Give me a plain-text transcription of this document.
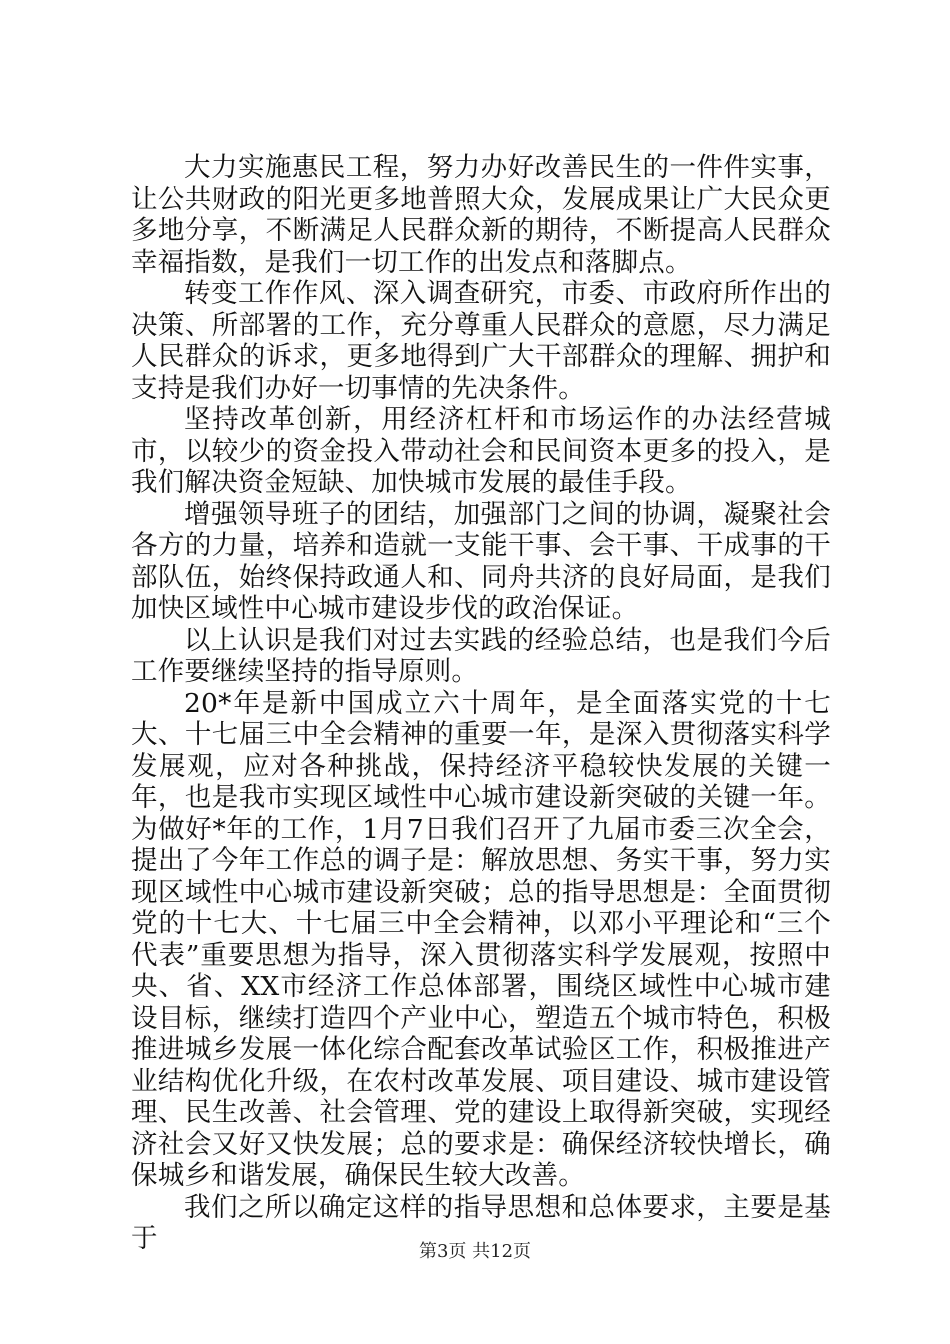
大力实施惠民工程，努力办好改善民生的一件件实事，让公共财政的阳光更多地普照大众，发展成果让广大民众更多地分享，不断满足人民群众新的期待，不断提高人民群众幸福指数，是我们一切工作的出发点和落脚点。

转变工作作风、深入调查研究，市委、市政府所作出的决策、所部署的工作，充分尊重人民群众的意愿，尽力满足人民群众的诉求，更多地得到广大干部群众的理解、拥护和支持是我们办好一切事情的先决条件。

坚持改革创新，用经济杠杆和市场运作的办法经营城市，以较少的资金投入带动社会和民间资本更多的投入，是我们解决资金短缺、加快城市发展的最佳手段。

增强领导班子的团结，加强部门之间的协调，凝聚社会各方的力量，培养和造就一支能干事、会干事、干成事的干部队伍，始终保持政通人和、同舟共济的良好局面，是我们加快区域性中心城市建设步伐的政治保证。

以上认识是我们对过去实践的经验总结，也是我们今后工作要继续坚持的指导原则。

20*年是新中国成立六十周年，是全面落实党的十七大、十七届三中全会精神的重要一年，是深入贯彻落实科学发展观，应对各种挑战，保持经济平稳较快发展的关键一年，也是我市实现区域性中心城市建设新突破的关键一年。为做好*年的工作，1月7日我们召开了九届市委三次全会，提出了今年工作总的调子是：解放思想、务实干事，努力实现区域性中心城市建设新突破；总的指导思想是：全面贯彻党的十七大、十七届三中全会精神，以邓小平理论和“三个代表”重要思想为指导，深入贯彻落实科学发展观，按照中央、省、XX市经济工作总体部署，围绕区域性中心城市建设目标，继续打造四个产业中心，塑造五个城市特色，积极推进城乡发展一体化综合配套改革试验区工作，积极推进产业结构优化升级，在农村改革发展、项目建设、城市建设管理、民生改善、社会管理、党的建设上取得新突破，实现经济社会又好又快发展；总的要求是：确保经济较快增长，确保城乡和谐发展，确保民生较大改善。

我们之所以确定这样的指导思想和总体要求，主要是基于	第3页 共12页
